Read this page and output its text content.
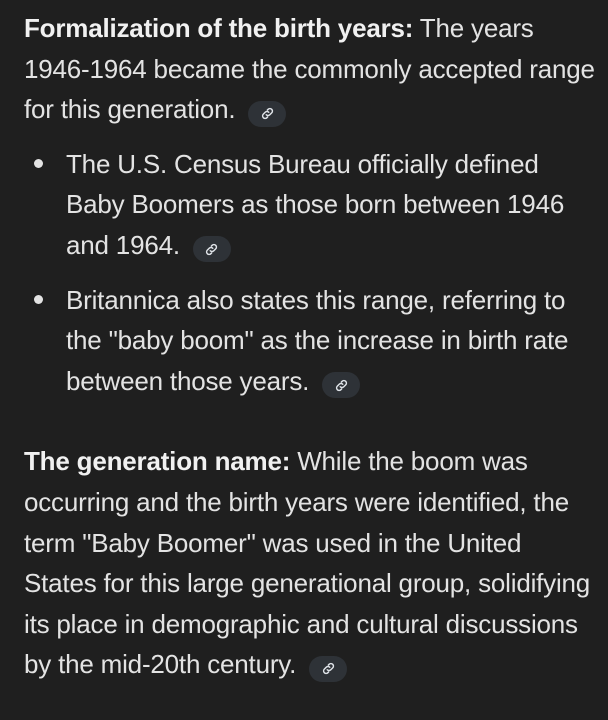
Formalization of the birth years: The years 1946-1964 became the commonly accepted range for this generation.

The U.S. Census Bureau officially defined Baby Boomers as those born between 1946 and 1964.
Britannica also states this range, referring to the "baby boom" as the increase in birth rate between those years.

The generation name: While the boom was occurring and the birth years were identified, the term "Baby Boomer" was used in the United States for this large generational group, solidifying its place in demographic and cultural discussions by the mid-20th century.
